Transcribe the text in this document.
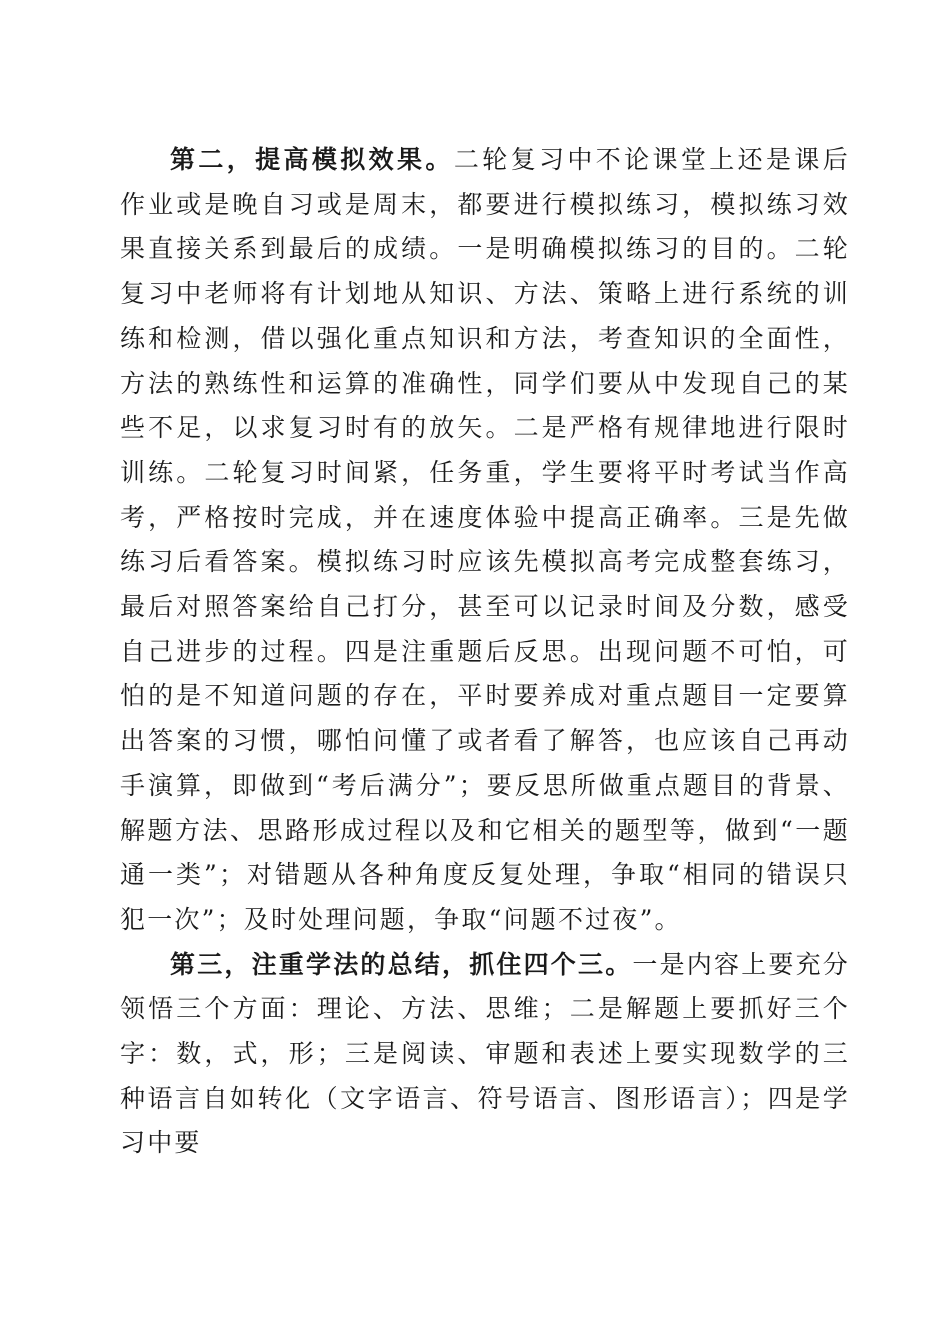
第二，提高模拟效果。二轮复习中不论课堂上还是课后作业或是晚自习或是周末，都要进行模拟练习，模拟练习效果直接关系到最后的成绩。一是明确模拟练习的目的。二轮复习中老师将有计划地从知识、方法、策略上进行系统的训练和检测，借以强化重点知识和方法，考查知识的全面性，方法的熟练性和运算的准确性，同学们要从中发现自己的某些不足，以求复习时有的放矢。二是严格有规律地进行限时训练。二轮复习时间紧，任务重，学生要将平时考试当作高考，严格按时完成，并在速度体验中提高正确率。三是先做练习后看答案。模拟练习时应该先模拟高考完成整套练习，最后对照答案给自己打分，甚至可以记录时间及分数，感受自己进步的过程。四是注重题后反思。出现问题不可怕，可怕的是不知道问题的存在，平时要养成对重点题目一定要算出答案的习惯，哪怕问懂了或者看了解答，也应该自己再动手演算，即做到“考后满分”；要反思所做重点题目的背景、解题方法、思路形成过程以及和它相关的题型等，做到“一题通一类”；对错题从各种角度反复处理，争取“相同的错误只犯一次”；及时处理问题，争取“问题不过夜”。

第三，注重学法的总结，抓住四个三。一是内容上要充分领悟三个方面：理论、方法、思维；二是解题上要抓好三个字：数，式，形；三是阅读、审题和表述上要实现数学的三种语言自如转化（文字语言、符号语言、图形语言）；四是学习中要
